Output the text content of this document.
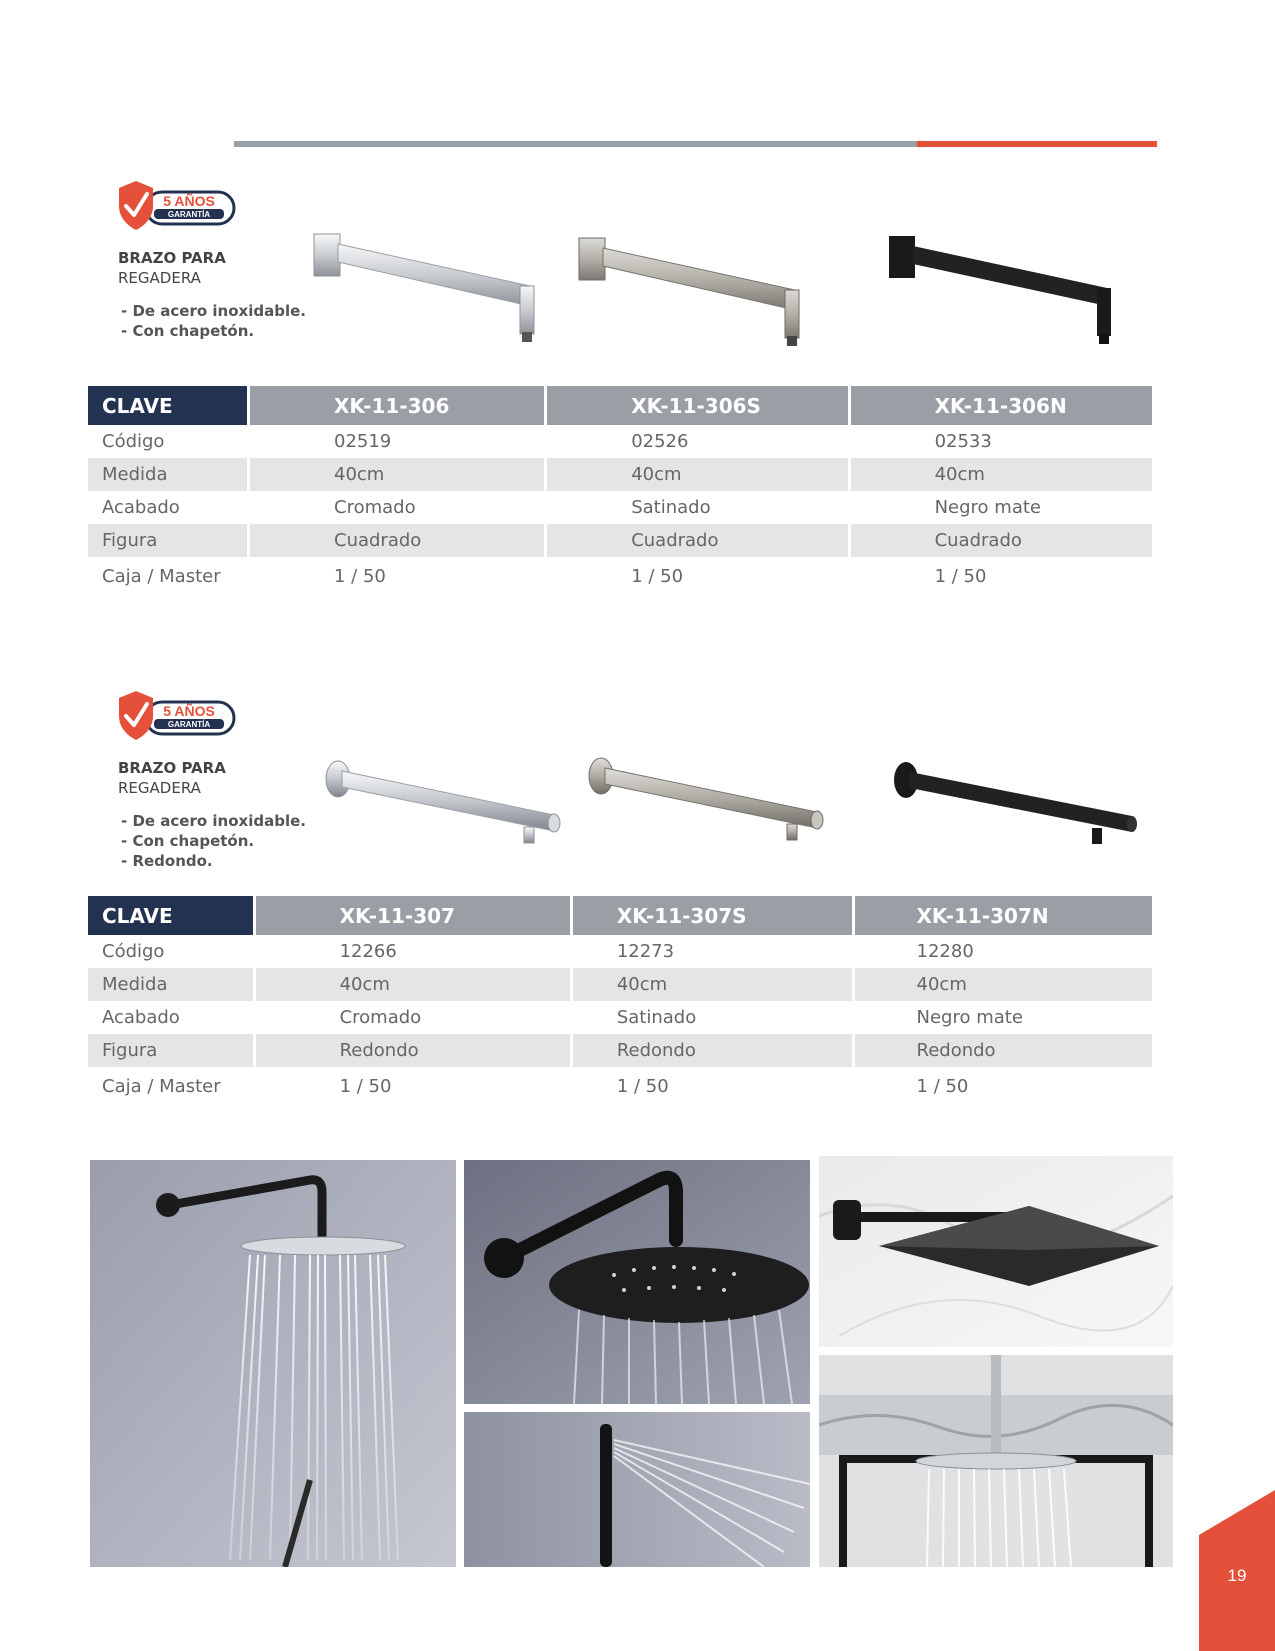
5 AÑOS
GARANTÍA
BRAZO PARA
REGADERA
- De acero inoxidable.
- Con chapetón.
CLAVE	XK-11-306	XK-11-306S	XK-11-306N
Código	02519	02526	02533
Medida	40cm	40cm	40cm
Acabado	Cromado	Satinado	Negro mate
Figura	Cuadrado	Cuadrado	Cuadrado
Caja / Master	1 / 50	1 / 50	1 / 50
5 AÑOS
GARANTÍA
BRAZO PARA
REGADERA
- De acero inoxidable.
- Con chapetón.
- Redondo.
CLAVE	XK-11-307	XK-11-307S	XK-11-307N
Código	12266	12273	12280
Medida	40cm	40cm	40cm
Acabado	Cromado	Satinado	Negro mate
Figura	Redondo	Redondo	Redondo
Caja / Master	1 / 50	1 / 50	1 / 50
19
